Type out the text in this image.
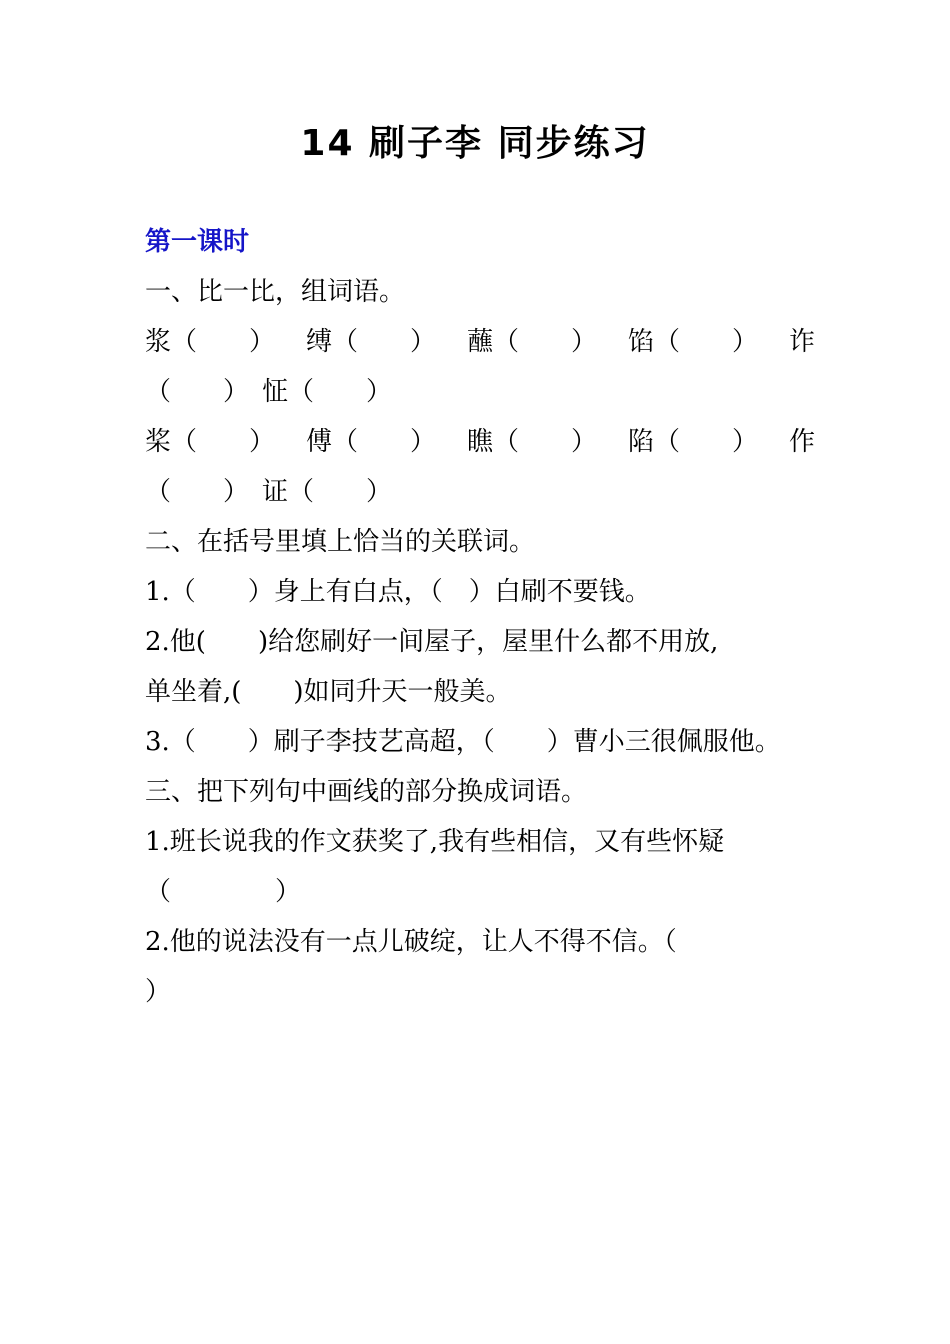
14 刷子李 同步练习
第一课时
一、比一比，组词语。
浆（　　） 缚（　　） 蘸（　　） 馅（　　） 诈
（　　）　怔（　　）
桨（　　） 傅（　　） 瞧（　　） 陷（　　） 作
（　　）　证（　　）
二、在括号里填上恰当的关联词。
1.（　　）身上有白点，（　）白刷不要钱。
2.他(　　)给您刷好一间屋子，屋里什么都不用放,
单坐着,(　　)如同升天一般美。
3.（　　）刷子李技艺高超，（　　）曹小三很佩服他。
三、把下列句中画线的部分换成词语。
1.班长说我的作文获奖了,我有些相信，又有些怀疑
（　　　　）
2.他的说法没有一点儿破绽，让人不得不信。（
）
